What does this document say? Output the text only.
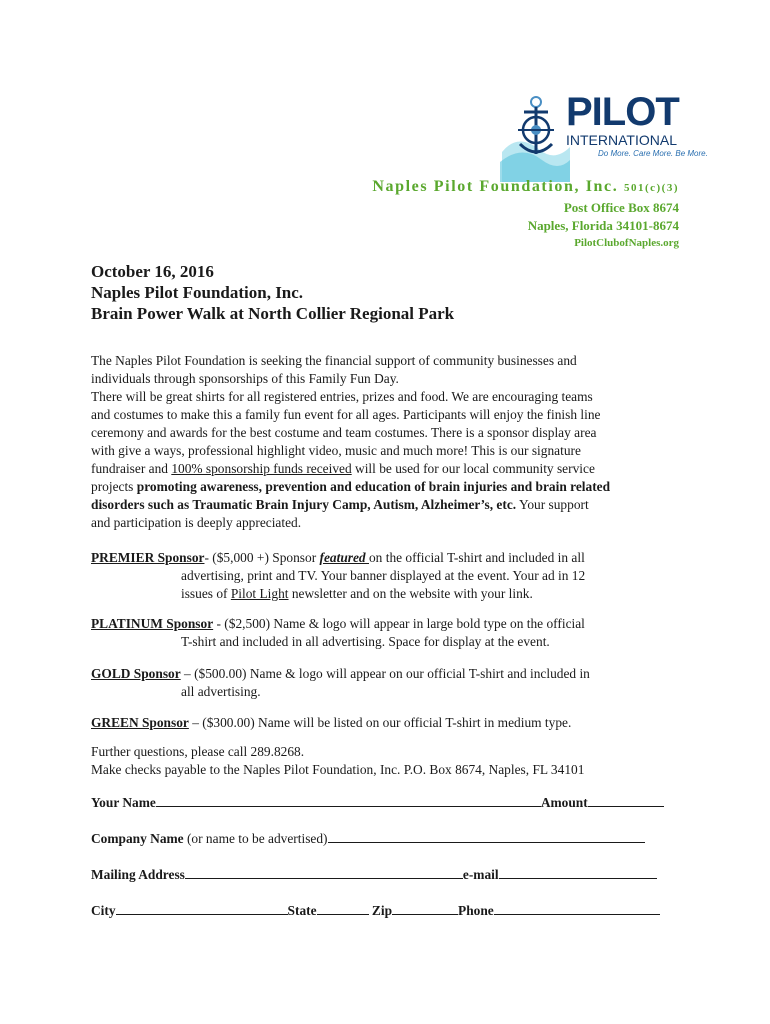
PILOT
INTERNATIONAL
Do More. Care More. Be More.
Naples Pilot Foundation, Inc. 501(c)(3)
Post Office Box 8674
Naples, Florida 34101-8674
PilotClubofNaples.org
October 16, 2016
Naples Pilot Foundation, Inc.
Brain Power Walk at North Collier Regional Park
The Naples Pilot Foundation is seeking the financial support of community businesses and
individuals through sponsorships of this Family Fun Day.
There will be great shirts for all registered entries, prizes and food. We are encouraging teams
and costumes to make this a family fun event for all ages. Participants will enjoy the finish line
ceremony and awards for the best costume and team costumes. There is a sponsor display area
with give a ways, professional highlight video, music and much more! This is our signature
fundraiser and 100% sponsorship funds received will be used for our local community service
projects promoting awareness, prevention and education of brain injuries and brain related
disorders such as Traumatic Brain Injury Camp, Autism, Alzheimer’s, etc. Your support
and participation is deeply appreciated.
PREMIER Sponsor- ($5,000 +) Sponsor featured on the official T-shirt and included in all
advertising, print and TV. Your banner displayed at the event. Your ad in 12
issues of Pilot Light newsletter and on the website with your link.
PLATINUM Sponsor - ($2,500) Name & logo will appear in large bold type on the official
T-shirt and included in all advertising. Space for display at the event.
GOLD Sponsor – ($500.00) Name & logo will appear on our official T-shirt and included in
all advertising.
GREEN Sponsor – ($300.00) Name will be listed on our official T-shirt in medium type.
Further questions, please call 289.8268.
Make checks payable to the Naples Pilot Foundation, Inc. P.O. Box 8674, Naples, FL 34101
Your Name	Amount
Company Name (or name to be advertised)
Mailing Address	e-mail
City	State	Zip	Phone
